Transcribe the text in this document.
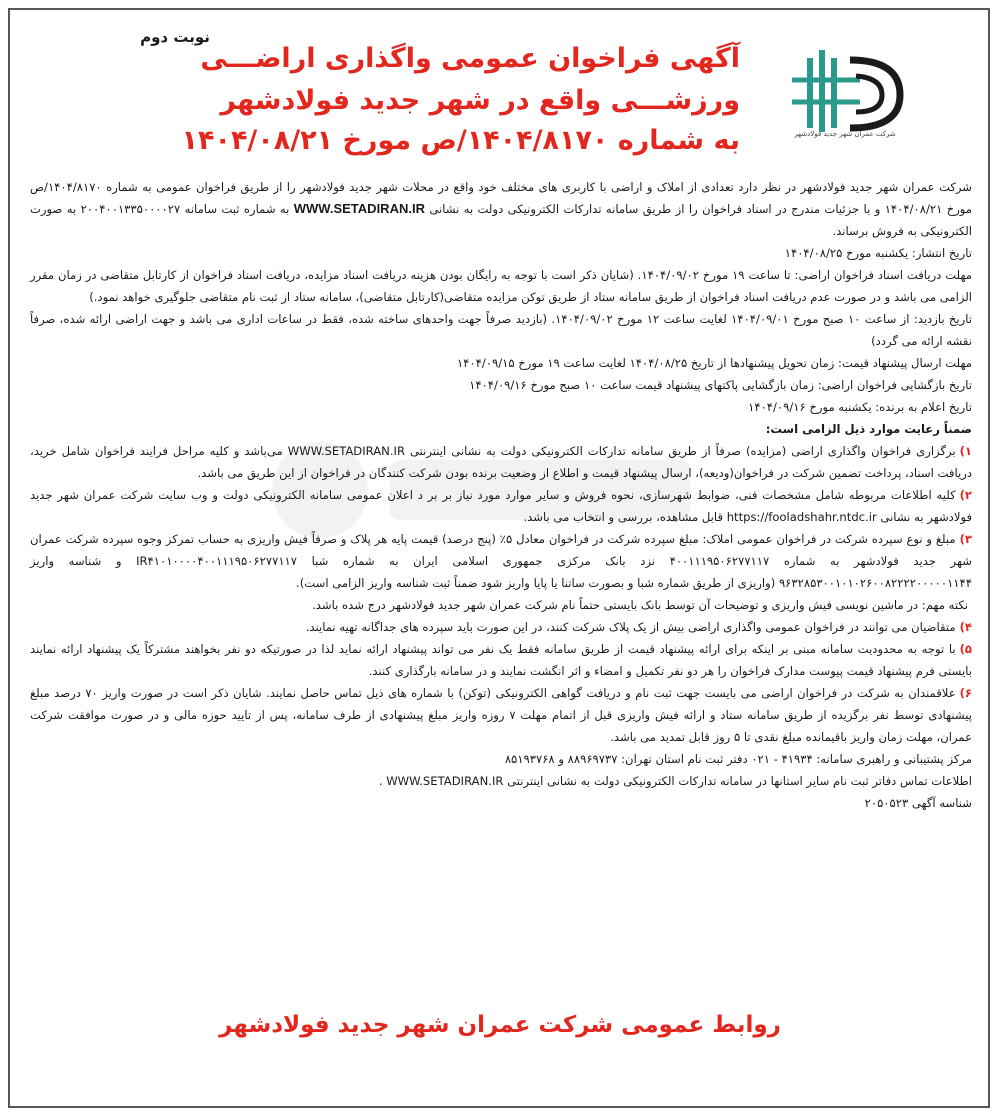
نوبت دوم
آگهی فراخوان عمومی واگذاری اراضـــی
ورزشـــی واقع در شهر جدید فولادشهر
به شماره ۱۴۰۴/۸۱۷۰/ص مورخ ۱۴۰۴/۰۸/۲۱	شرکت عمران شهر جدید فولادشهر

شرکت عمران شهر جدید فولادشهر در نظر دارد تعدادی از املاک و اراضی با کاربری های مختلف خود واقع در محلات شهر جدید فولادشهر را از طریق فراخوان عمومی به شماره ۱۴۰۴/۸۱۷۰/ص مورخ ۱۴۰۴/۰۸/۲۱ و با جزئیات مندرج در اسناد فراخوان را از طریق سامانه تدارکات الکترونیکی دولت به نشانی WWW.SETADIRAN.IR به شماره ثبت سامانه ۲۰۰۴۰۰۱۳۳۵۰۰۰۰۲۷ به صورت الکترونیکی به فروش برساند.

تاریخ انتشار: یکشنبه مورخ ۱۴۰۴/۰۸/۲۵

مهلت دریافت اسناد فراخوان اراضی: تا ساعت ۱۹ مورخ ۱۴۰۴/۰۹/۰۲. (شایان ذکر است با توجه به رایگان بودن هزینه دریافت اسناد مزایده، دریافت اسناد فراخوان از کارتابل متقاضی در زمان مقرر الزامی می باشد و در صورت عدم دریافت اسناد فراخوان از طریق سامانه ستاد از طریق توکن مزایده متقاضی(کارتابل متقاضی)، سامانه ستاد از ثبت نام متقاضی جلوگیری خواهد نمود.)

تاریخ بازدید: از ساعت ۱۰ صبح مورخ ۱۴۰۴/۰۹/۰۱ لغایت ساعت ۱۲ مورخ ۱۴۰۴/۰۹/۰۲. (بازدید صرفاً جهت واحدهای ساخته شده، فقط در ساعات اداری می باشد و جهت اراضی ارائه شده، صرفاً نقشه ارائه می گردد)

مهلت ارسال پیشنهاد قیمت: زمان تحویل پیشنهادها از تاریخ ۱۴۰۴/۰۸/۲۵ لغایت ساعت ۱۹ مورخ ۱۴۰۴/۰۹/۱۵

تاریخ بازگشایی فراخوان اراضی: زمان بازگشایی پاکتهای پیشنهاد قیمت ساعت ۱۰ صبح مورخ ۱۴۰۴/۰۹/۱۶

تاریخ اعلام به برنده: یکشنبه مورخ ۱۴۰۴/۰۹/۱۶

ضمناً رعایت موارد ذیل الزامی است:

۱)برگزاری فراخوان واگذاری اراضی (مزایده) صرفاً از طریق سامانه تدارکات الکترونیکی دولت به نشانی اینترنتی WWW.SETADIRAN.IR می‌باشد و کلیه مراحل فرایند فراخوان شامل خرید، دریافت اسناد، پرداخت تضمین شرکت در فراخوان(ودیعه)، ارسال پیشنهاد قیمت و اطلاع از وضعیت برنده بودن شرکت کنندگان در فراخوان از این طریق می باشد.

۲)کلیه اطلاعات مربوطه شامل مشخصات فنی، ضوابط شهرسازی، نحوه فروش و سایر موارد مورد نیاز بر بر د اعلان عمومی سامانه الکترونیکی دولت و وب سایت شرکت عمران شهر جدید فولادشهر به نشانی https://fooladshahr.ntdc.ir قابل مشاهده، بررسی و انتخاب می باشد.

۳)مبلغ و نوع سپرده شرکت در فراخوان عمومی املاک: مبلغ سپرده شرکت در فراخوان معادل ۵٪ (پنج درصد) قیمت پایه هر پلاک و صرفاً فیش واریزی به حساب تمرکز وجوه سپرده شرکت عمران شهر جدید فولادشهر به شماره ۴۰۰۱۱۱۹۵۰۶۲۷۷۱۱۷ نزد بانک مرکزی جمهوری اسلامی ایران به شماره شبا IR۴۱۰۱۰۰۰۰۴۰۰۱۱۱۹۵۰۶۲۷۷۱۱۷ و شناسه واریز ۹۶۳۲۸۵۳۰۰۱۰۱۰۲۶۰۰۸۲۲۲۲۰۰۰۰۰۱۱۴۴ (واریزی از طریق شماره شبا و بصورت ساتنا یا پایا واریز شود ضمناً ثبت شناسه واریز الزامی است).

نکته مهم: در ماشین نویسی فیش واریزی و توضیحات آن توسط بانک بایستی حتماً نام شرکت عمران شهر جدید فولادشهر درج شده باشد.

۴)متقاضیان می توانند در فراخوان عمومی واگذاری اراضی بیش از یک پلاک شرکت کنند، در این صورت باید سپرده های جداگانه تهیه نمایند.

۵)با توجه به محدودیت سامانه مبنی بر اینکه برای ارائه پیشنهاد قیمت از طریق سامانه فقط یک نفر می تواند پیشنهاد ارائه نماید لذا در صورتیکه دو نفر بخواهند مشترکاً یک پیشنهاد ارائه نمایند بایستی فرم پیشنهاد قیمت پیوست مدارک فراخوان را هر دو نفر تکمیل و امضاء و اثر انگشت نمایند و در سامانه بارگذاری کنند.

۶)علاقمندان به شرکت در فراخوان اراضی می بایست جهت ثبت نام و دریافت گواهی الکترونیکی (توکن) با شماره های ذیل تماس حاصل نمایند. شایان ذکر است در صورت واریز ۷۰ درصد مبلغ پیشنهادی توسط نفر برگزیده از طریق سامانه ستاد و ارائه فیش واریزی قبل از اتمام مهلت ۷ روزه واریز مبلغ پیشنهادی از طرف سامانه، پس از تایید حوزه مالی و در صورت موافقت شرکت عمران، مهلت زمان واریز باقیمانده مبلغ نقدی تا ۵ روز قابل تمدید می باشد.

مرکز پشتیبانی و راهبری سامانه: ۴۱۹۳۴ - ۰۲۱ دفتر ثبت نام استان تهران: ۸۸۹۶۹۷۳۷ و ۸۵۱۹۳۷۶۸

اطلاعات تماس دفاتر ثبت نام سایر استانها در سامانه تدارکات الکترونیکی دولت به نشانی اینترنتی WWW.SETADIRAN.IR .

شناسه آگهی ۲۰۵۰۵۲۳

روابط عمومی شرکت عمران شهر جدید فولادشهر
